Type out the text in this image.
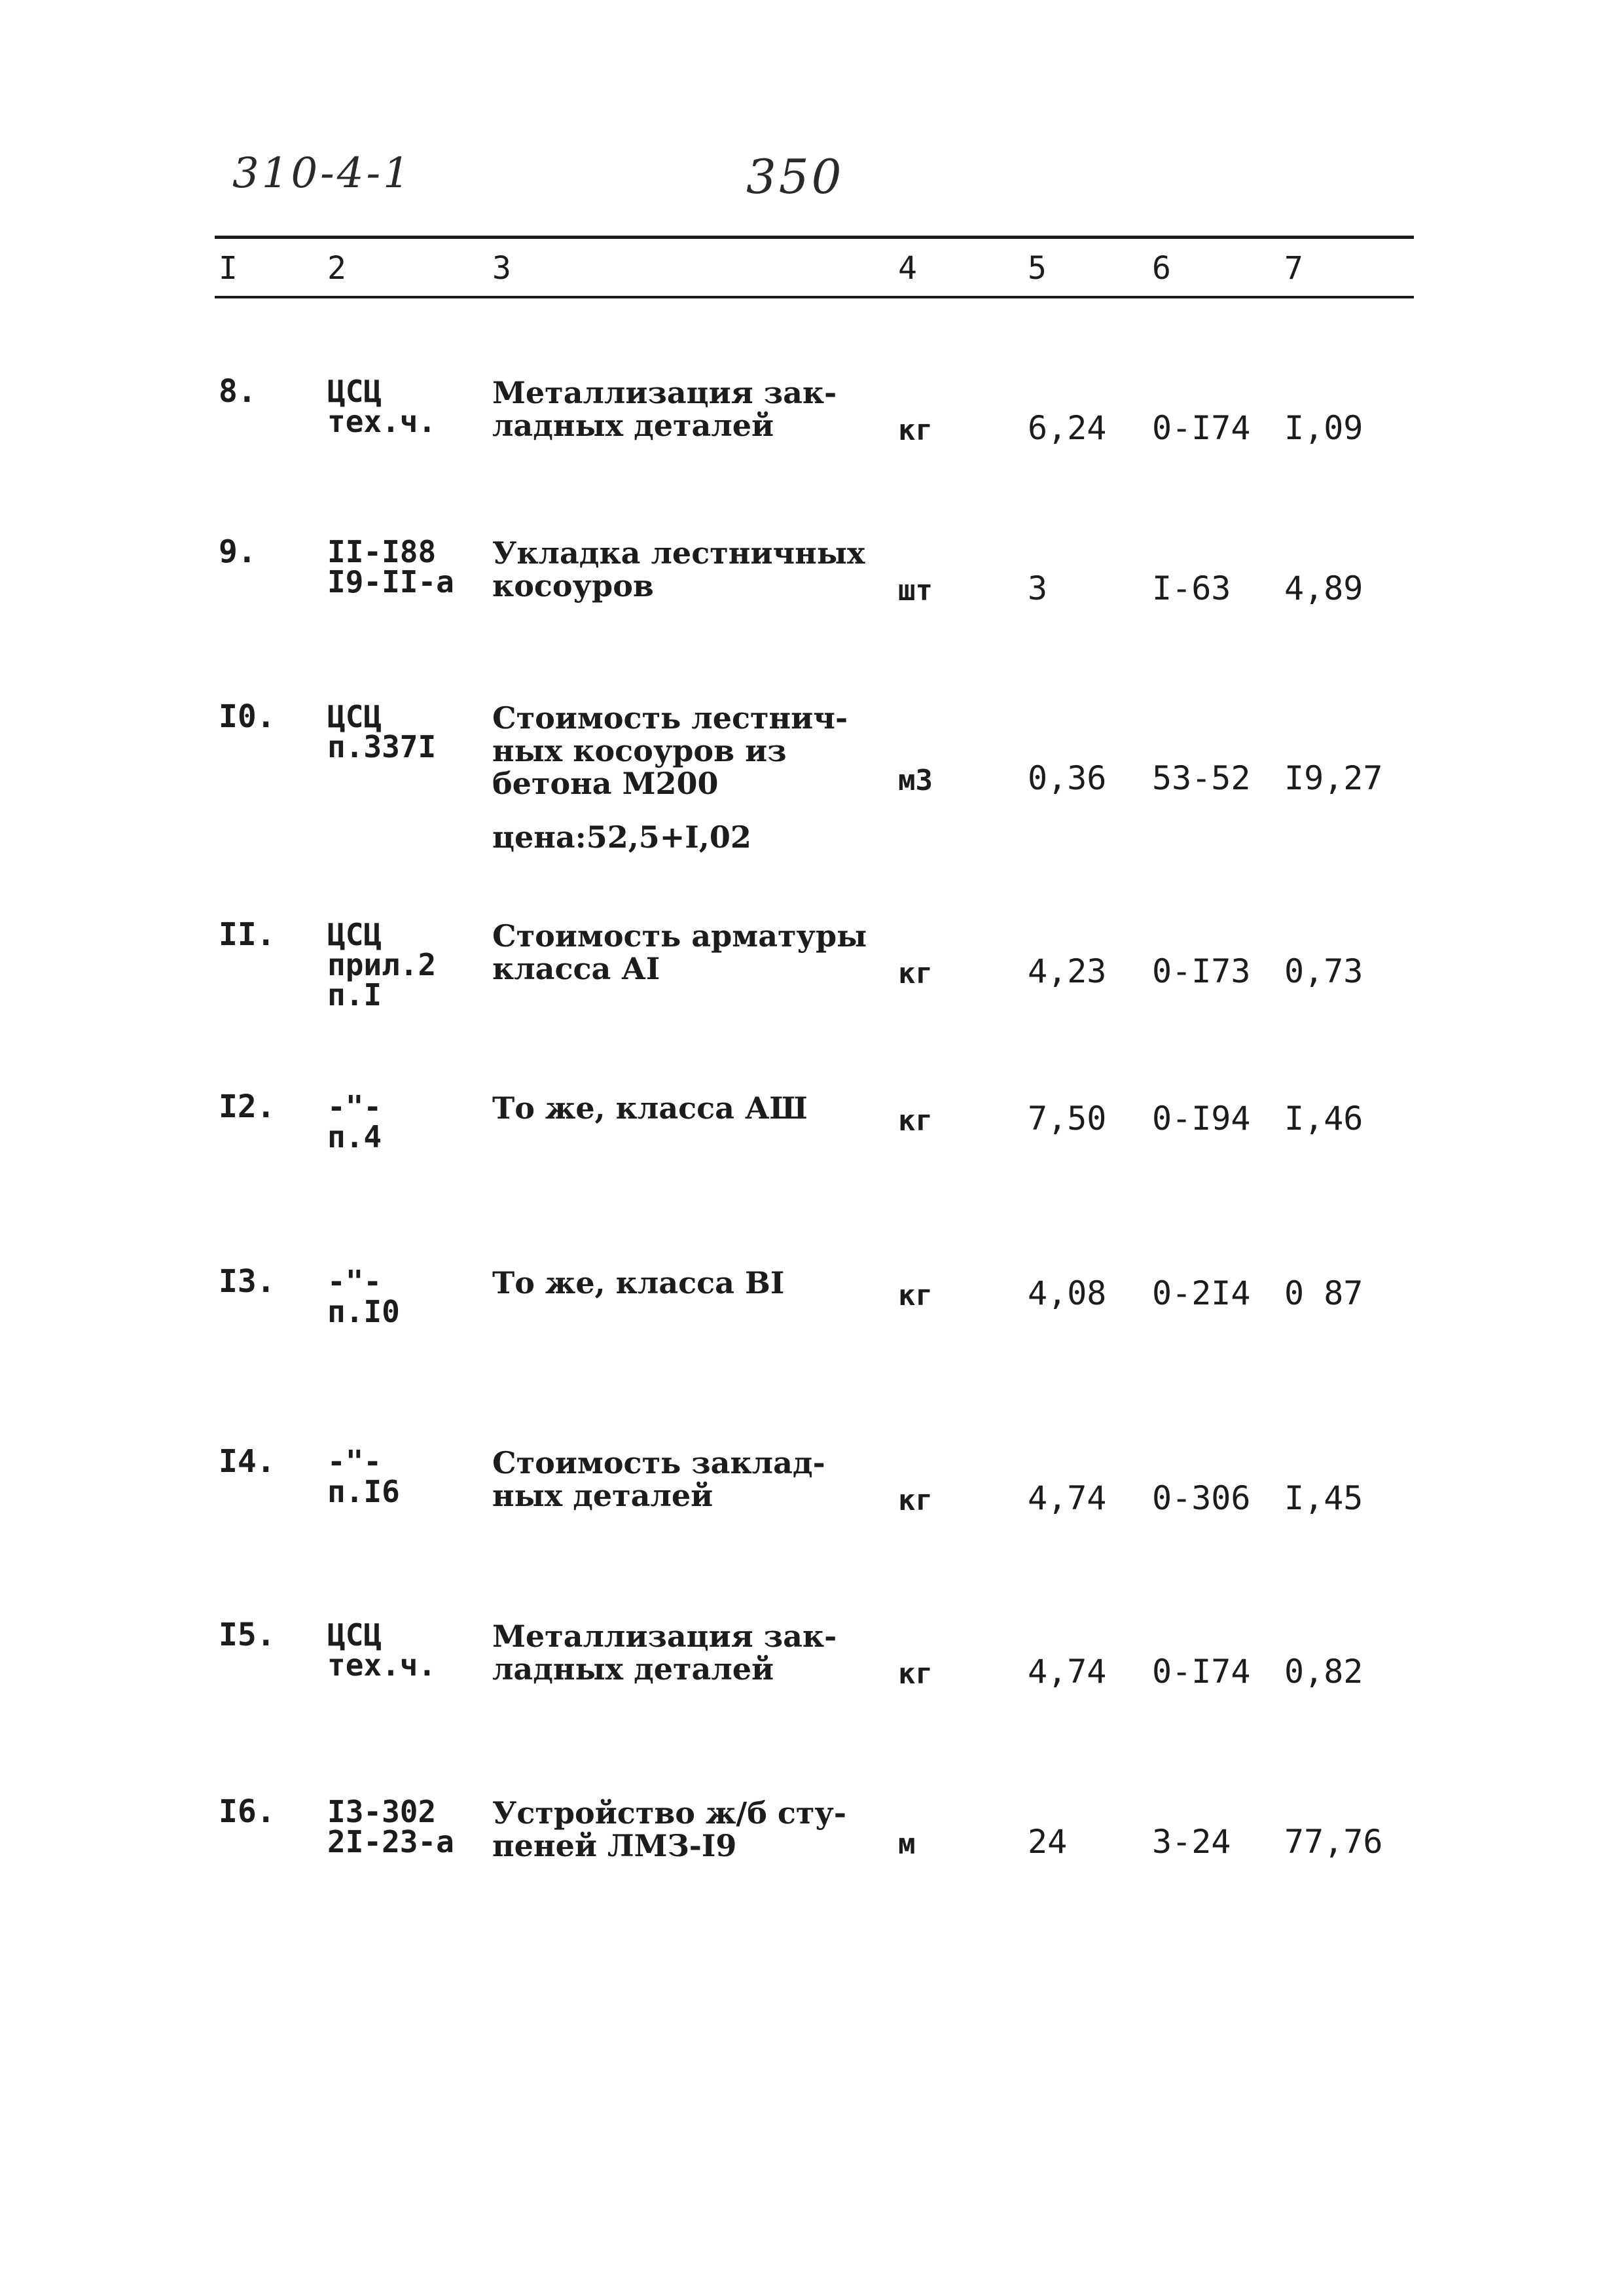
310-4-1	350
I	2	3	4	5	6	7
8. ЦСЦ
тех.ч.
Металлизация зак-
ладных деталей	кг	6,24 0-I74 I,09
9. II-I88
I9-II-а
Укладка лестничных
косоуров	шт	3	I-63 4,89
I0. ЦСЦ
п.337I
Стоимость лестнич-
ных косоуров из
бетона М200
цена:52,5+I,02
м3	0,36 53-52 I9,27
II. ЦСЦ
прил.2
п.I
Стоимость арматуры
класса АI	кг	4,23 0-I73 0,73
I2. -"-
п.4
То же, класса АШ	кг	7,50 0-I94 I,46
I3. -"-
п.I0
То же, класса ВI	кг	4,08 0-2I4 0 87
I4. -"-
п.I6
Стоимость заклад-
ных деталей	кг	4,74 0-306 I,45
I5. ЦСЦ
тех.ч.
Металлизация зак-
ладных деталей	кг	4,74 0-I74 0,82
I6. I3-302
2I-23-а
Устройство ж/б сту-
пеней ЛМЗ-I9	м	24	3-24 77,76
